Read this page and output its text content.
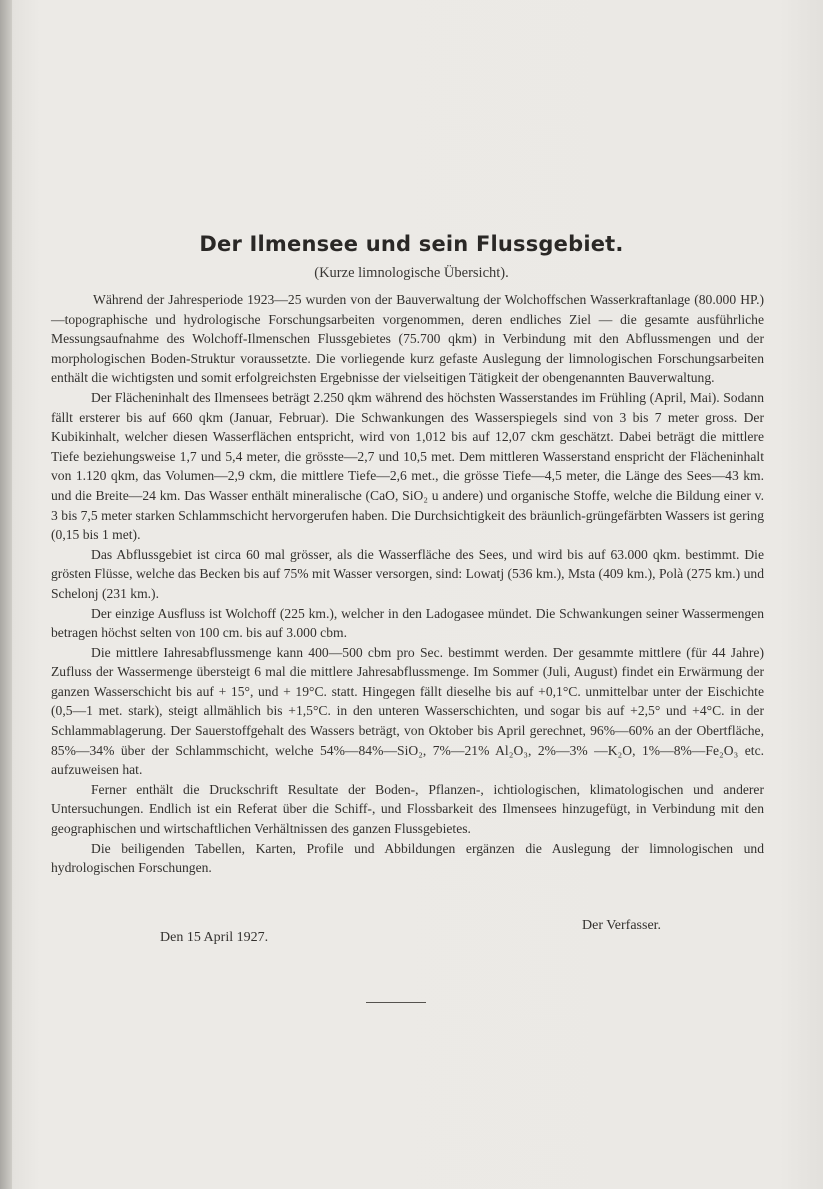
Der Ilmensee und sein Flussgebiet.
(Kurze limnologische Übersicht).

Während der Jahresperiode 1923—25 wurden von der Bauverwaltung der Wolchoffschen Wasserkraftanlage (80.000 HP.)—topographische und hydrologische Forschungsarbeiten vorgenommen, deren endliches Ziel — die gesamte ausführliche Messungsaufnahme des Wolchoff-Ilmenschen Flussgebietes (75.700 qkm) in Verbindung mit den Abflussmengen und der morphologischen Boden-Struktur voraussetzte. Die vorliegende kurz gefaste Auslegung der limnologischen Forschungsarbeiten enthält die wichtigsten und somit erfolgreichsten Ergebnisse der vielseitigen Tätigkeit der obengenannten Bauverwaltung.

Der Flächeninhalt des Ilmensees beträgt 2.250 qkm während des höchsten Wasserstandes im Frühling (April, Mai). Sodann fällt ersterer bis auf 660 qkm (Januar, Februar). Die Schwankungen des Wasserspiegels sind von 3 bis 7 meter gross. Der Kubikinhalt, welcher diesen Wasserflächen entspricht, wird von 1,012 bis auf 12,07 ckm geschätzt. Dabei beträgt die mittlere Tiefe beziehungsweise 1,7 und 5,4 meter, die grösste—2,7 und 10,5 met. Dem mittleren Wasserstand enspricht der Flächeninhalt von 1.120 qkm, das Volumen—2,9 ckm, die mittlere Tiefe—2,6 met., die grösse Tiefe—4,5 meter, die Länge des Sees—43 km. und die Breite—24 km. Das Wasser enthält mineralische (CaO, SiO₂ u andere) und organische Stoffe, welche die Bildung einer v. 3 bis 7,5 meter starken Schlammschicht hervorgerufen haben. Die Durchsichtigkeit des bräunlich-grüngefärbten Wassers ist gering (0,15 bis 1 met).

Das Abflussgebiet ist circa 60 mal grösser, als die Wasserfläche des Sees, und wird bis auf 63.000 qkm. bestimmt. Die grösten Flüsse, welche das Becken bis auf 75% mit Wasser versorgen, sind: Lowatj (536 km.), Msta (409 km.), Polà (275 km.) und Schelonj (231 km.).

Der einzige Ausfluss ist Wolchoff (225 km.), welcher in den Ladogasee mündet. Die Schwankungen seiner Wassermengen betragen höchst selten von 100 cm. bis auf 3.000 cbm.

Die mittlere Iahresabflussmenge kann 400—500 cbm pro Sec. bestimmt werden. Der gesammte mittlere (für 44 Jahre) Zufluss der Wassermenge übersteigt 6 mal die mittlere Jahresabflussmenge. Im Sommer (Juli, August) findet ein Erwärmung der ganzen Wasserschicht bis auf + 15°, und + 19°C. statt. Hingegen fällt dieselhe bis auf +0,1°C. unmittelbar unter der Eischichte (0,5—1 met. stark), steigt allmählich bis +1,5°C. in den unteren Wasserschichten, und sogar bis auf +2,5° und +4°C. in der Schlammablagerung. Der Sauerstoffgehalt des Wassers beträgt, von Oktober bis April gerechnet, 96%—60% an der Obertfläche, 85%—34% über der Schlammschicht, welche 54%—84%—SiO₂, 7%—21% Al₂O₃, 2%—3% —K₂O, 1%—8%—Fe₂O₃ etc. aufzuweisen hat.

Ferner enthält die Druckschrift Resultate der Boden-, Pflanzen-, ichtiologischen, klimatologischen und anderer Untersuchungen. Endlich ist ein Referat über die Schiff-, und Flossbarkeit des Ilmensees hinzugefügt, in Verbindung mit den geographischen und wirtschaftlichen Verhältnissen des ganzen Flussgebietes.

Die beiligenden Tabellen, Karten, Profile und Abbildungen ergänzen die Auslegung der limnologischen und hydrologischen Forschungen.

Der Verfasser.
Den 15 April 1927.
